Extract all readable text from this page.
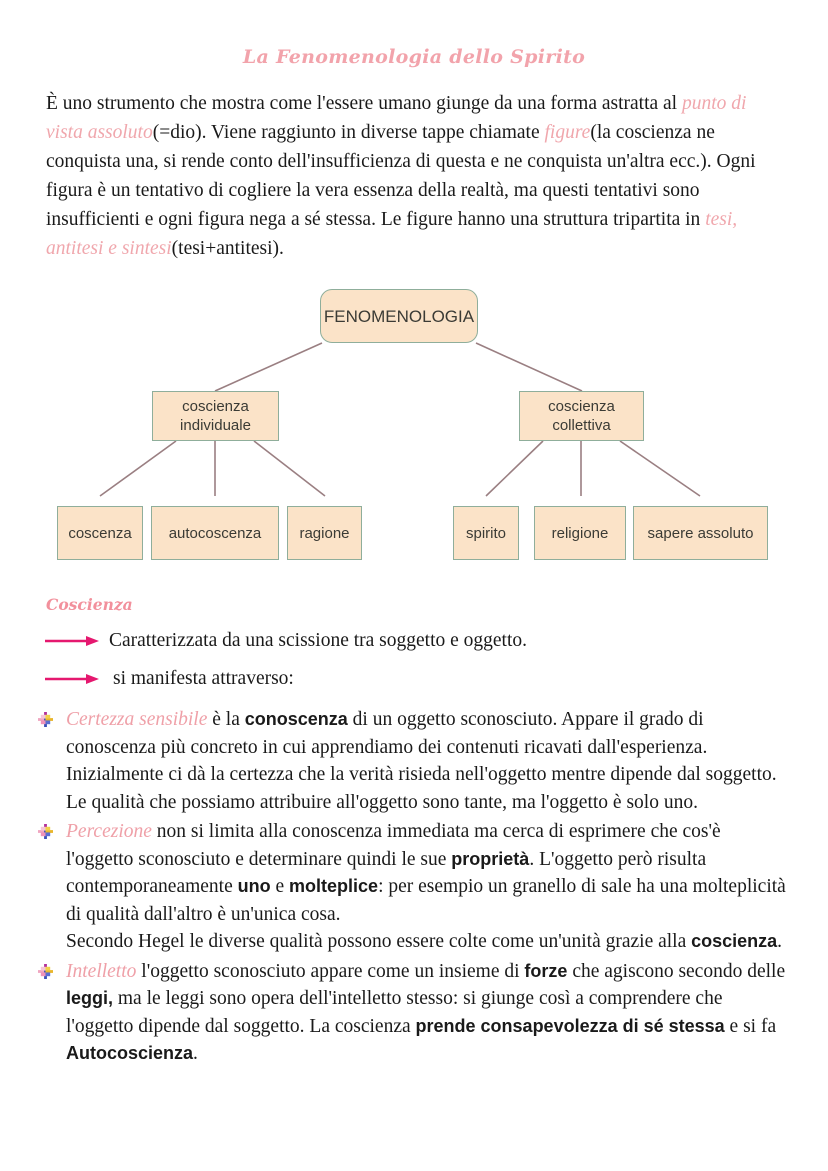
La Fenomenologia dello Spirito

È uno strumento che mostra come l'essere umano giunge da una forma astratta al punto di vista assoluto(=dio). Viene raggiunto in diverse tappe chiamate figure(la coscienza ne conquista una, si rende conto dell'insufficienza di questa e ne conquista un'altra ecc.). Ogni figura è un tentativo di cogliere la vera essenza della realtà, ma questi tentativi sono insufficienti e ogni figura nega a sé stessa. Le figure hanno una struttura tripartita in tesi, antitesi e sintesi(tesi+antitesi).

FENOMENOLOGIA
coscienza
individuale
coscienza
collettiva
coscenza	autocoscenza	ragione	spirito	religione	sapere assoluto
Coscienza
Caratterizzata da una scissione tra soggetto e oggetto.
si manifesta attraverso:
Certezza sensibile è la conoscenza di un oggetto sconosciuto. Appare il grado di conoscenza più concreto in cui apprendiamo dei contenuti ricavati dall'esperienza. Inizialmente ci dà la certezza che la verità risieda nell'oggetto mentre dipende dal soggetto. Le qualità che possiamo attribuire all'oggetto sono tante, ma l'oggetto è solo uno.
Percezione non si limita alla conoscenza immediata ma cerca di esprimere che cos'è l'oggetto sconosciuto e determinare quindi le sue proprietà. L'oggetto però risulta contemporaneamente uno e molteplice: per esempio un granello di sale ha una molteplicità di qualità dall'altro è un'unica cosa.
Secondo Hegel le diverse qualità possono essere colte come un'unità grazie alla coscienza.
Intelletto l'oggetto sconosciuto appare come un insieme di forze che agiscono secondo delle leggi, ma le leggi sono opera dell'intelletto stesso: si giunge così a comprendere che l'oggetto dipende dal soggetto. La coscienza prende consapevolezza di sé stessa e si fa Autocoscienza.
